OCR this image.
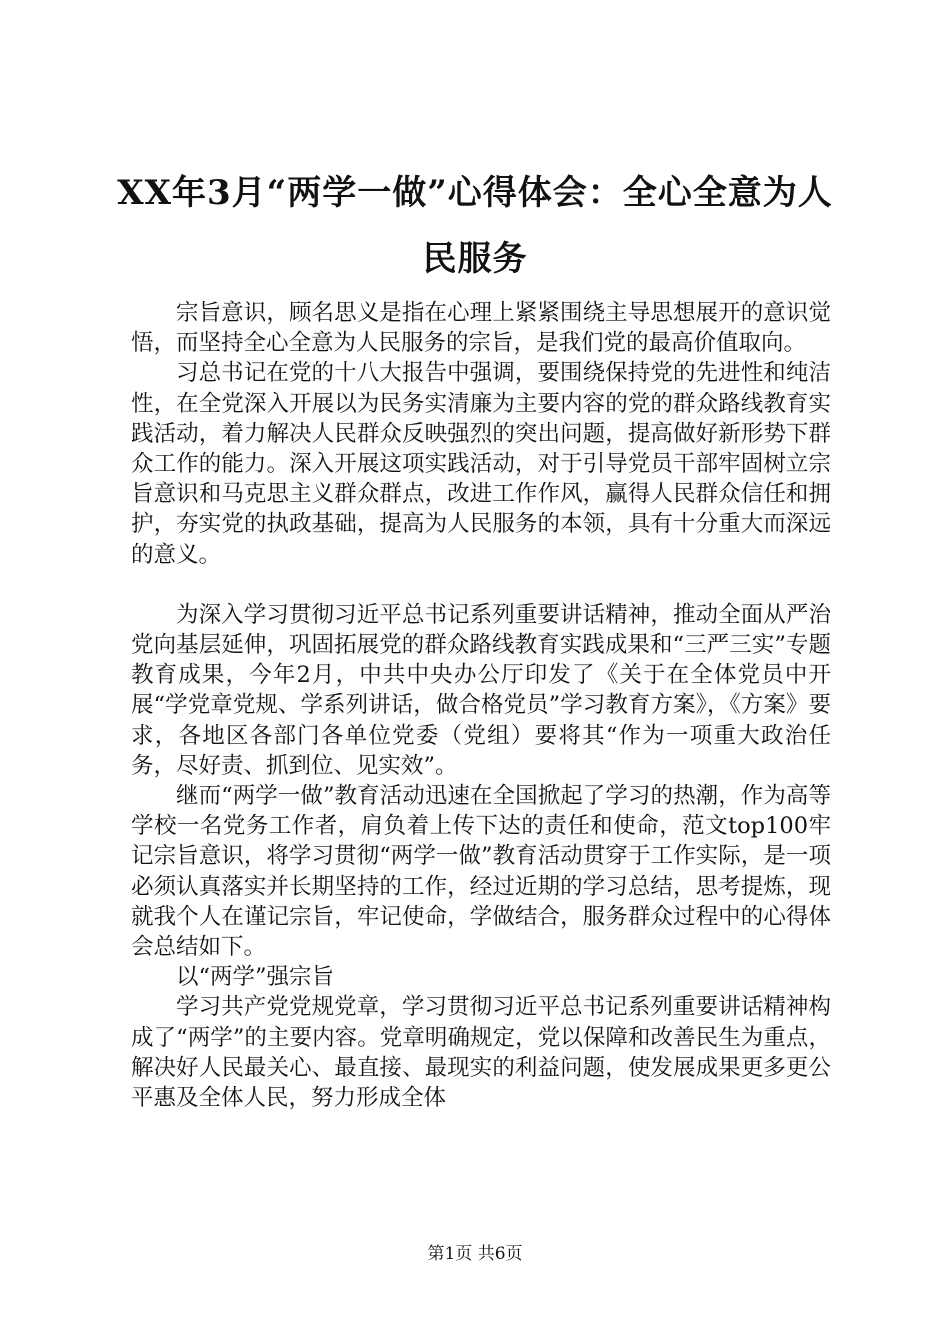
XX年3月“两学一做”心得体会：全心全意为人民服务

宗旨意识，顾名思义是指在心理上紧紧围绕主导思想展开的意识觉悟，而坚持全心全意为人民服务的宗旨，是我们党的最高价值取向。

习总书记在党的十八大报告中强调，要围绕保持党的先进性和纯洁性，在全党深入开展以为民务实清廉为主要内容的党的群众路线教育实践活动，着力解决人民群众反映强烈的突出问题，提高做好新形势下群众工作的能力。深入开展这项实践活动，对于引导党员干部牢固树立宗旨意识和马克思主义群众群点，改进工作作风，赢得人民群众信任和拥护，夯实党的执政基础，提高为人民服务的本领，具有十分重大而深远的意义。

为深入学习贯彻习近平总书记系列重要讲话精神，推动全面从严治党向基层延伸，巩固拓展党的群众路线教育实践成果和“三严三实”专题教育成果，今年2月，中共中央办公厅印发了《关于在全体党员中开展“学党章党规、学系列讲话，做合格党员”学习教育方案》，《方案》要求，各地区各部门各单位党委（党组）要将其“作为一项重大政治任务，尽好责、抓到位、见实效”。

继而“两学一做”教育活动迅速在全国掀起了学习的热潮，作为高等学校一名党务工作者，肩负着上传下达的责任和使命，范文top100牢记宗旨意识，将学习贯彻“两学一做”教育活动贯穿于工作实际，是一项必须认真落实并长期坚持的工作，经过近期的学习总结，思考提炼，现就我个人在谨记宗旨，牢记使命，学做结合，服务群众过程中的心得体会总结如下。

以“两学”强宗旨

学习共产党党规党章，学习贯彻习近平总书记系列重要讲话精神构成了“两学”的主要内容。党章明确规定，党以保障和改善民生为重点，解决好人民最关心、最直接、最现实的利益问题，使发展成果更多更公平惠及全体人民，努力形成全体

第1页 共6页
